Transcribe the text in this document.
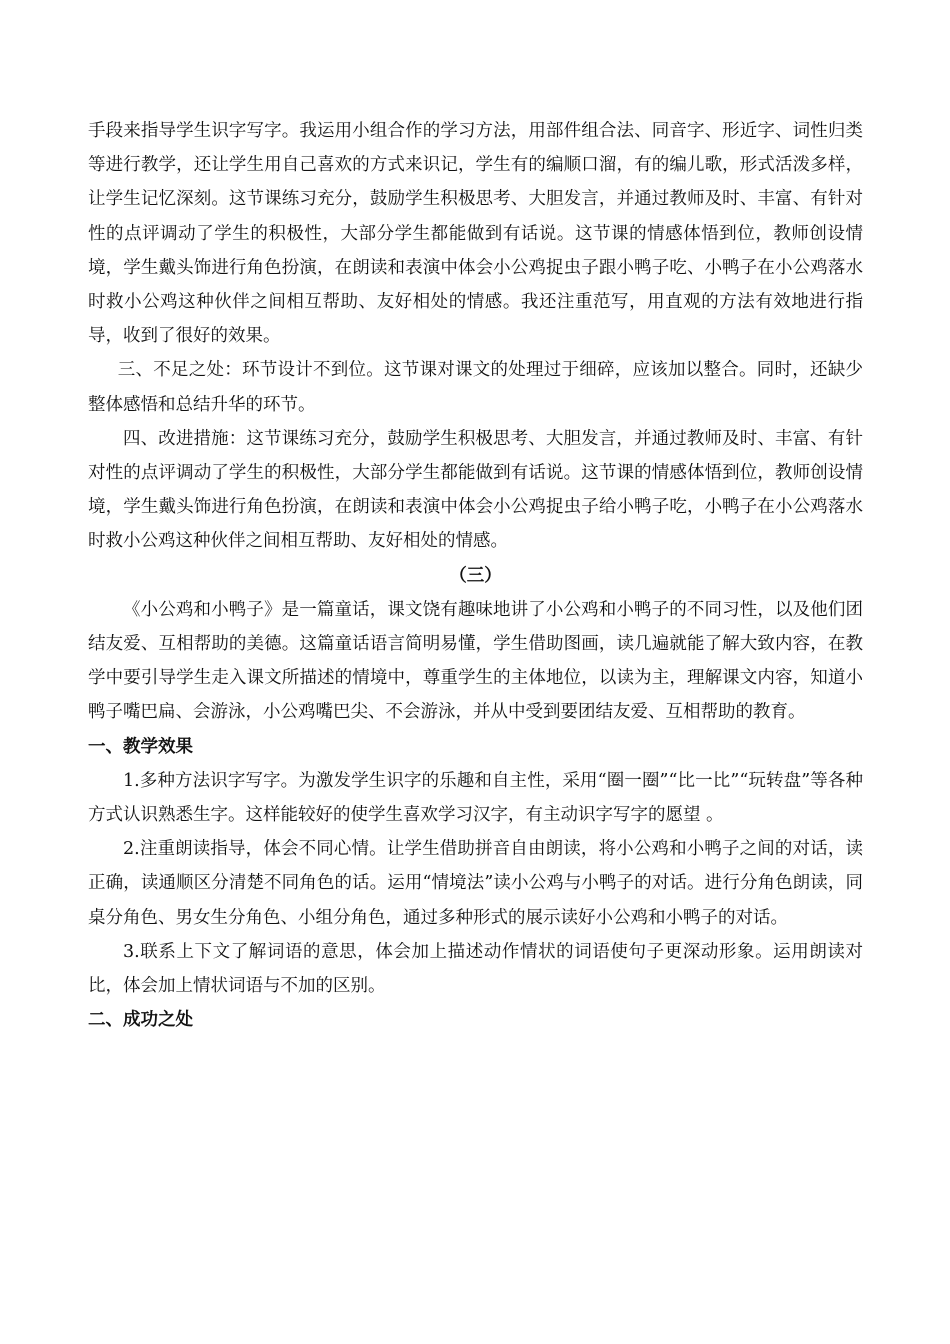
手段来指导学生识字写字。我运用小组合作的学习方法，用部件组合法、同音字、形近字、词性归类等进行教学，还让学生用自己喜欢的方式来识记，学生有的编顺口溜，有的编儿歌，形式活泼多样，让学生记忆深刻。这节课练习充分，鼓励学生积极思考、大胆发言，并通过教师及时、丰富、有针对性的点评调动了学生的积极性，大部分学生都能做到有话说。这节课的情感体悟到位，教师创设情境，学生戴头饰进行角色扮演，在朗读和表演中体会小公鸡捉虫子跟小鸭子吃、小鸭子在小公鸡落水时救小公鸡这种伙伴之间相互帮助、友好相处的情感。我还注重范写，用直观的方法有效地进行指导，收到了很好的效果。

三、不足之处：环节设计不到位。这节课对课文的处理过于细碎，应该加以整合。同时，还缺少整体感悟和总结升华的环节。

四、改进措施：这节课练习充分，鼓励学生积极思考、大胆发言，并通过教师及时、丰富、有针对性的点评调动了学生的积极性，大部分学生都能做到有话说。这节课的情感体悟到位，教师创设情境，学生戴头饰进行角色扮演，在朗读和表演中体会小公鸡捉虫子给小鸭子吃，小鸭子在小公鸡落水时救小公鸡这种伙伴之间相互帮助、友好相处的情感。

（三）

《小公鸡和小鸭子》是一篇童话，课文饶有趣味地讲了小公鸡和小鸭子的不同习性，以及他们团结友爱、互相帮助的美德。这篇童话语言简明易懂，学生借助图画，读几遍就能了解大致内容，在教学中要引导学生走入课文所描述的情境中，尊重学生的主体地位，以读为主，理解课文内容，知道小鸭子嘴巴扁、会游泳，小公鸡嘴巴尖、不会游泳，并从中受到要团结友爱、互相帮助的教育。

一、教学效果

1.多种方法识字写字。为激发学生识字的乐趣和自主性，采用“圈一圈”“比一比”“玩转盘”等各种方式认识熟悉生字。这样能较好的使学生喜欢学习汉字，有主动识字写字的愿望 。

2.注重朗读指导，体会不同心情。让学生借助拼音自由朗读，将小公鸡和小鸭子之间的对话，读正确，读通顺区分清楚不同角色的话。运用“情境法”读小公鸡与小鸭子的对话。进行分角色朗读，同桌分角色、男女生分角色、小组分角色，通过多种形式的展示读好小公鸡和小鸭子的对话。

3.联系上下文了解词语的意思，体会加上描述动作情状的词语使句子更深动形象。运用朗读对比，体会加上情状词语与不加的区别。

二、成功之处
